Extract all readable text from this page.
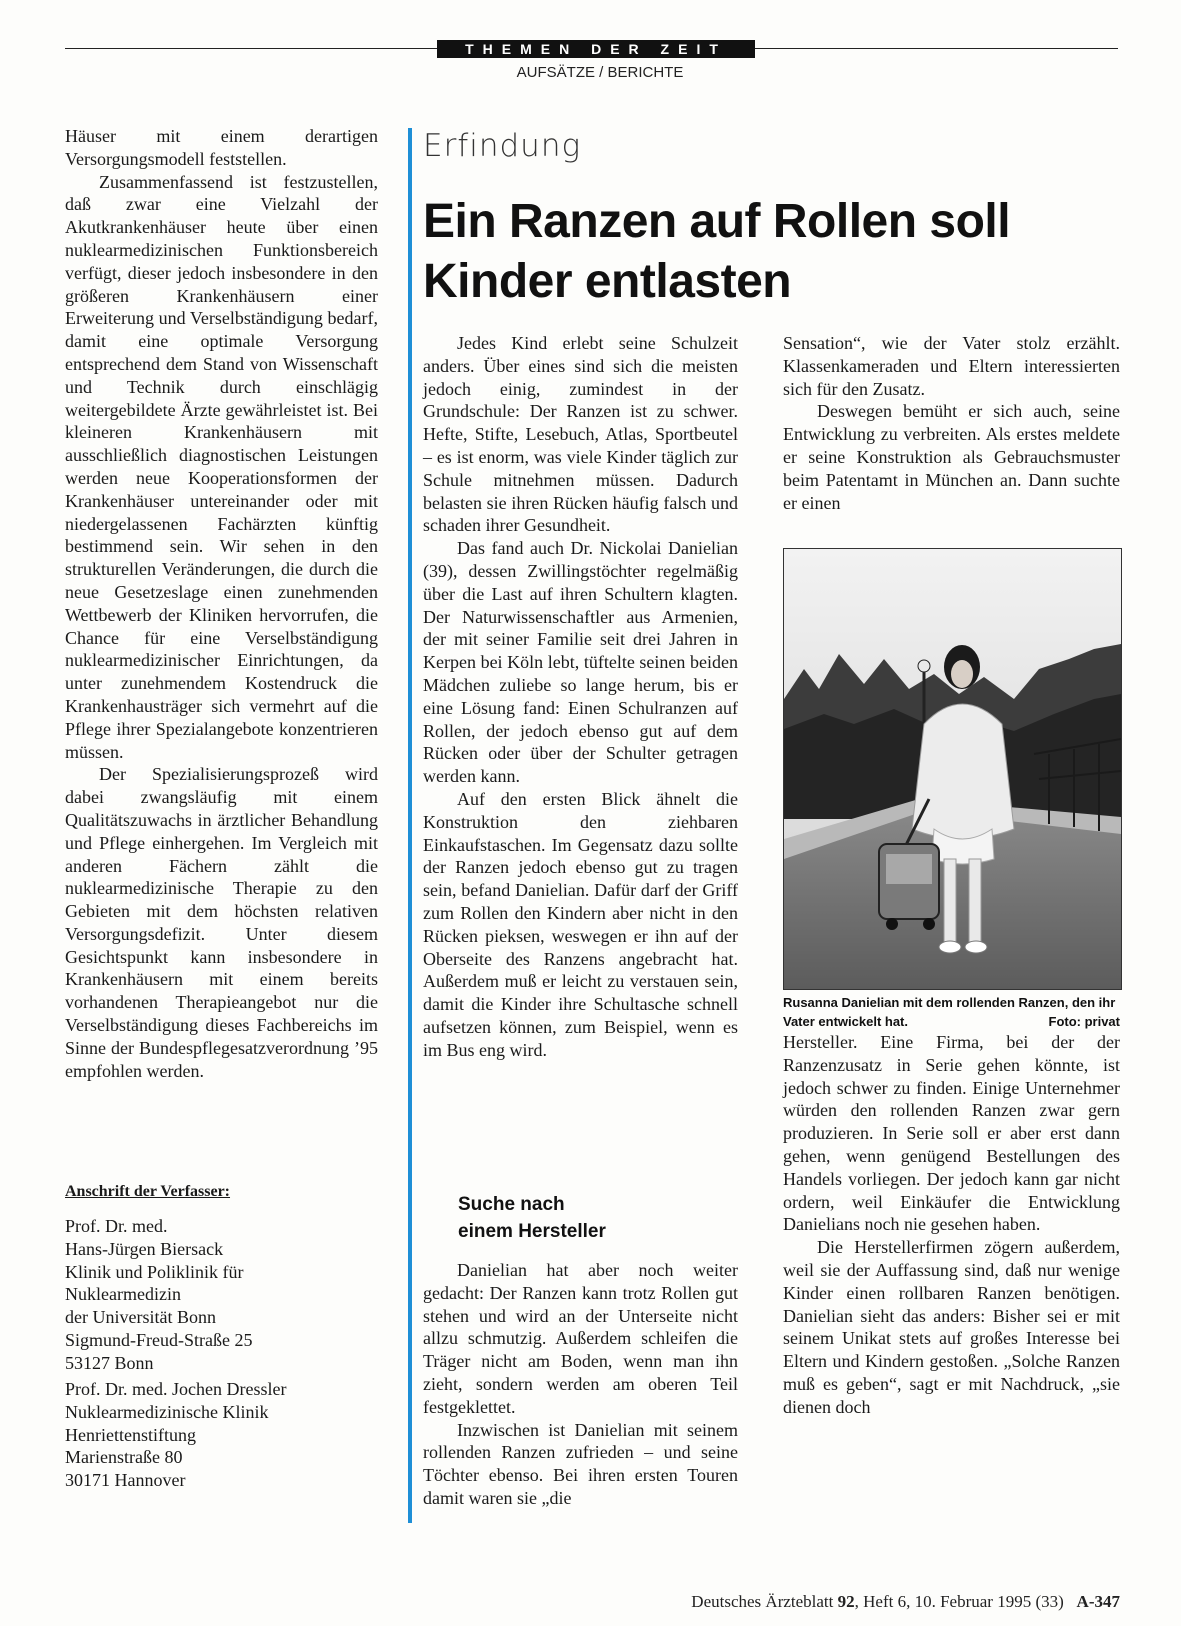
THEMEN DER ZEIT
AUFSÄTZE / BERICHTE

Häuser mit einem derartigen Versorgungsmodell feststellen.

Zusammenfassend ist festzustellen, daß zwar eine Vielzahl der Akutkrankenhäuser heute über einen nuklearmedizinischen Funktionsbereich verfügt, dieser jedoch insbesondere in den größeren Krankenhäusern einer Erweiterung und Verselbständigung bedarf, damit eine optimale Versorgung entsprechend dem Stand von Wissenschaft und Technik durch einschlägig weitergebildete Ärzte gewährleistet ist. Bei kleineren Krankenhäusern mit ausschließlich diagnostischen Leistungen werden neue Kooperationsformen der Krankenhäuser untereinander oder mit niedergelassenen Fachärzten künftig bestimmend sein. Wir sehen in den strukturellen Veränderungen, die durch die neue Gesetzeslage einen zunehmenden Wettbewerb der Kliniken hervorrufen, die Chance für eine Verselbständigung nuklearmedizinischer Einrichtungen, da unter zunehmendem Kostendruck die Krankenhausträger sich vermehrt auf die Pflege ihrer Spezialangebote konzentrieren müssen.

Der Spezialisierungsprozeß wird dabei zwangsläufig mit einem Qualitätszuwachs in ärztlicher Behandlung und Pflege einhergehen. Im Vergleich mit anderen Fächern zählt die nuklearmedizinische Therapie zu den Gebieten mit dem höchsten relativen Versorgungsdefizit. Unter diesem Gesichtspunkt kann insbesondere in Krankenhäusern mit einem bereits vorhandenen Therapieangebot nur die Verselbständigung dieses Fachbereichs im Sinne der Bundespflegesatzverordnung ’95 empfohlen werden.

Anschrift der Verfasser:
Prof. Dr. med.
Hans-Jürgen Biersack
Klinik und Poliklinik für
Nuklearmedizin
der Universität Bonn
Sigmund-Freud-Straße 25
53127 Bonn
Prof. Dr. med. Jochen Dressler
Nuklearmedizinische Klinik
Henriettenstiftung
Marienstraße 80
30171 Hannover
Erfindung
Ein Ranzen auf Rollen soll
Kinder entlasten

Jedes Kind erlebt seine Schulzeit anders. Über eines sind sich die meisten jedoch einig, zumindest in der Grundschule: Der Ranzen ist zu schwer. Hefte, Stifte, Lesebuch, Atlas, Sportbeutel – es ist enorm, was viele Kinder täglich zur Schule mitnehmen müssen. Dadurch belasten sie ihren Rücken häufig falsch und schaden ihrer Gesundheit.

Das fand auch Dr. Nickolai Danielian (39), dessen Zwillingstöchter regelmäßig über die Last auf ihren Schultern klagten. Der Naturwissenschaftler aus Armenien, der mit seiner Familie seit drei Jahren in Kerpen bei Köln lebt, tüftelte seinen beiden Mädchen zuliebe so lange herum, bis er eine Lösung fand: Einen Schulranzen auf Rollen, der jedoch ebenso gut auf dem Rücken oder über der Schulter getragen werden kann.

Auf den ersten Blick ähnelt die Konstruktion den ziehbaren Einkaufstaschen. Im Gegensatz dazu sollte der Ranzen jedoch ebenso gut zu tragen sein, befand Danielian. Dafür darf der Griff zum Rollen den Kindern aber nicht in den Rücken pieksen, weswegen er ihn auf der Oberseite des Ranzens angebracht hat. Außerdem muß er leicht zu verstauen sein, damit die Kinder ihre Schultasche schnell aufsetzen können, zum Beispiel, wenn es im Bus eng wird.

Suche nach
einem Hersteller

Danielian hat aber noch weiter gedacht: Der Ranzen kann trotz Rollen gut stehen und wird an der Unterseite nicht allzu schmutzig. Außerdem schleifen die Träger nicht am Boden, wenn man ihn zieht, sondern werden am oberen Teil festgeklettet.

Inzwischen ist Danielian mit seinem rollenden Ranzen zufrieden – und seine Töchter ebenso. Bei ihren ersten Touren damit waren sie „die

Sensation“, wie der Vater stolz erzählt. Klassenkameraden und Eltern interessierten sich für den Zusatz.

Deswegen bemüht er sich auch, seine Entwicklung zu verbreiten. Als erstes meldete er seine Konstruktion als Gebrauchsmuster beim Patentamt in München an. Dann suchte er einen

Rusanna Danielian mit dem rollenden Ranzen, den ihr Vater entwickelt hat.	Foto: privat

Hersteller. Eine Firma, bei der der Ranzenzusatz in Serie gehen könnte, ist jedoch schwer zu finden. Einige Unternehmer würden den rollenden Ranzen zwar gern produzieren. In Serie soll er aber erst dann gehen, wenn genügend Bestellungen des Handels vorliegen. Der jedoch kann gar nicht ordern, weil Einkäufer die Entwicklung Danielians noch nie gesehen haben.

Die Herstellerfirmen zögern außerdem, weil sie der Auffassung sind, daß nur wenige Kinder einen rollbaren Ranzen benötigen. Danielian sieht das anders: Bisher sei er mit seinem Unikat stets auf großes Interesse bei Eltern und Kindern gestoßen. „Solche Ranzen muß es geben“, sagt er mit Nachdruck, „sie dienen doch

Deutsches Ärzteblatt 92, Heft 6, 10. Februar 1995 (33) A-347
